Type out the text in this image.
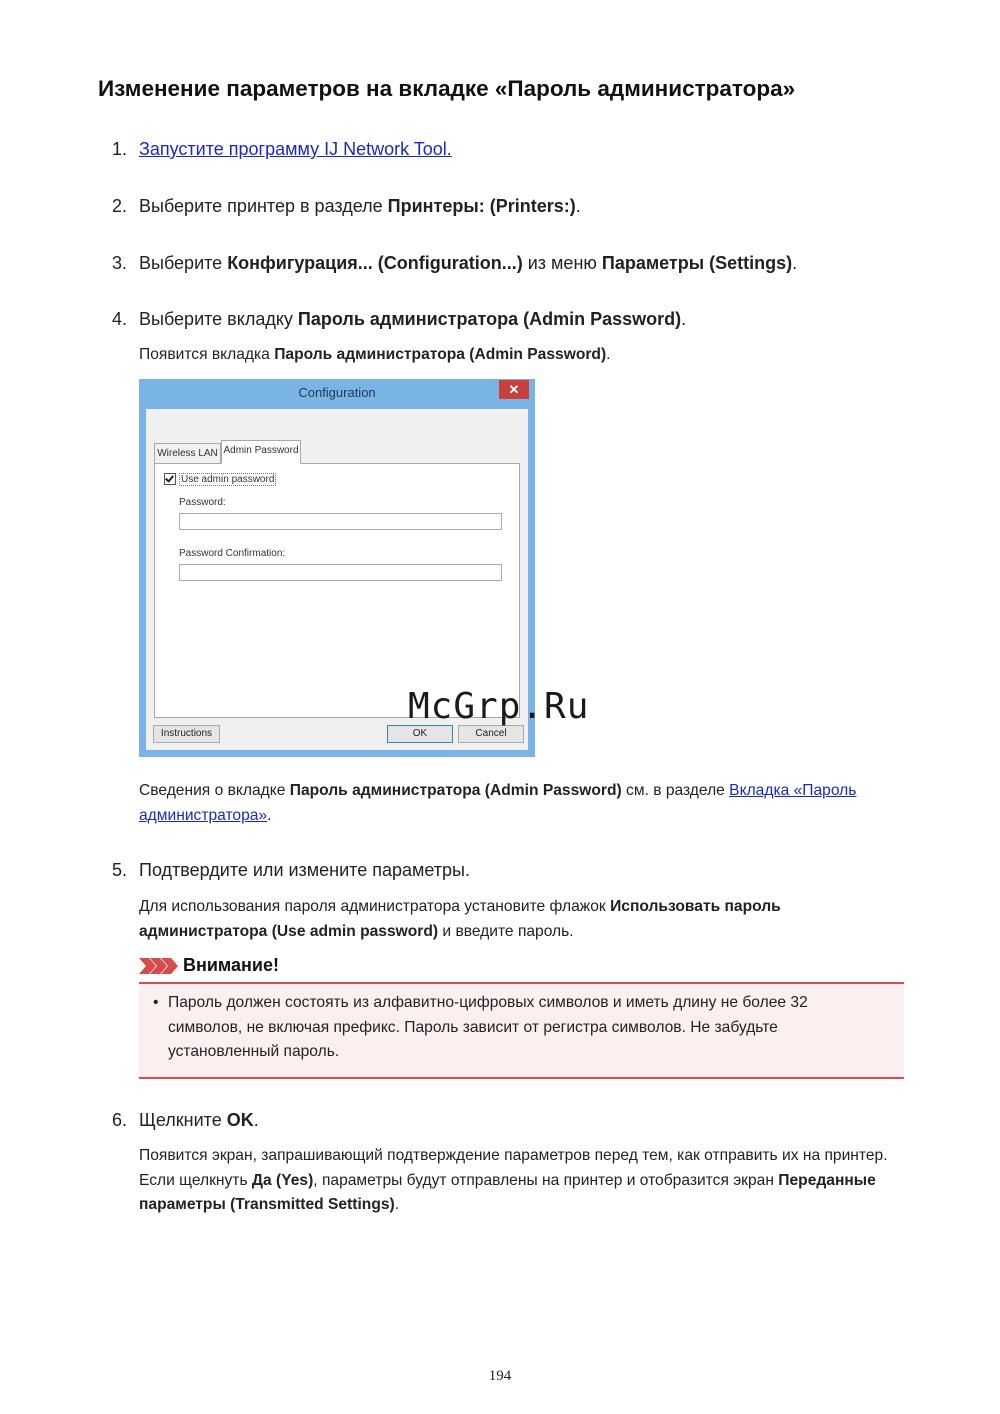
Изменение параметров на вкладке «Пароль администратора»
1. Запустите программу IJ Network Tool.
2. Выберите принтер в разделе Принтеры: (Printers:).
3. Выберите Конфигурация... (Configuration...) из меню Параметры (Settings).
4. Выберите вкладку Пароль администратора (Admin Password).
Появится вкладка Пароль администратора (Admin Password).
Configuration	✕
Wireless LAN Admin Password
Use admin password
Password:
Password Confirmation:
Instructions	OK	Cancel
McGrp.Ru
Сведения о вкладке Пароль администратора (Admin Password) см. в разделе Вкладка «Пароль администратора».
5. Подтвердите или измените параметры.
Для использования пароля администратора установите флажок Использовать пароль администратора (Use admin password) и введите пароль.
Внимание!
• Пароль должен состоять из алфавитно-цифровых символов и иметь длину не более 32 символов, не включая префикс. Пароль зависит от регистра символов. Не забудьте установленный пароль.
6. Щелкните OK.
Появится экран, запрашивающий подтверждение параметров перед тем, как отправить их на принтер. Если щелкнуть Да (Yes), параметры будут отправлены на принтер и отобразится экран Переданные параметры (Transmitted Settings).
194
